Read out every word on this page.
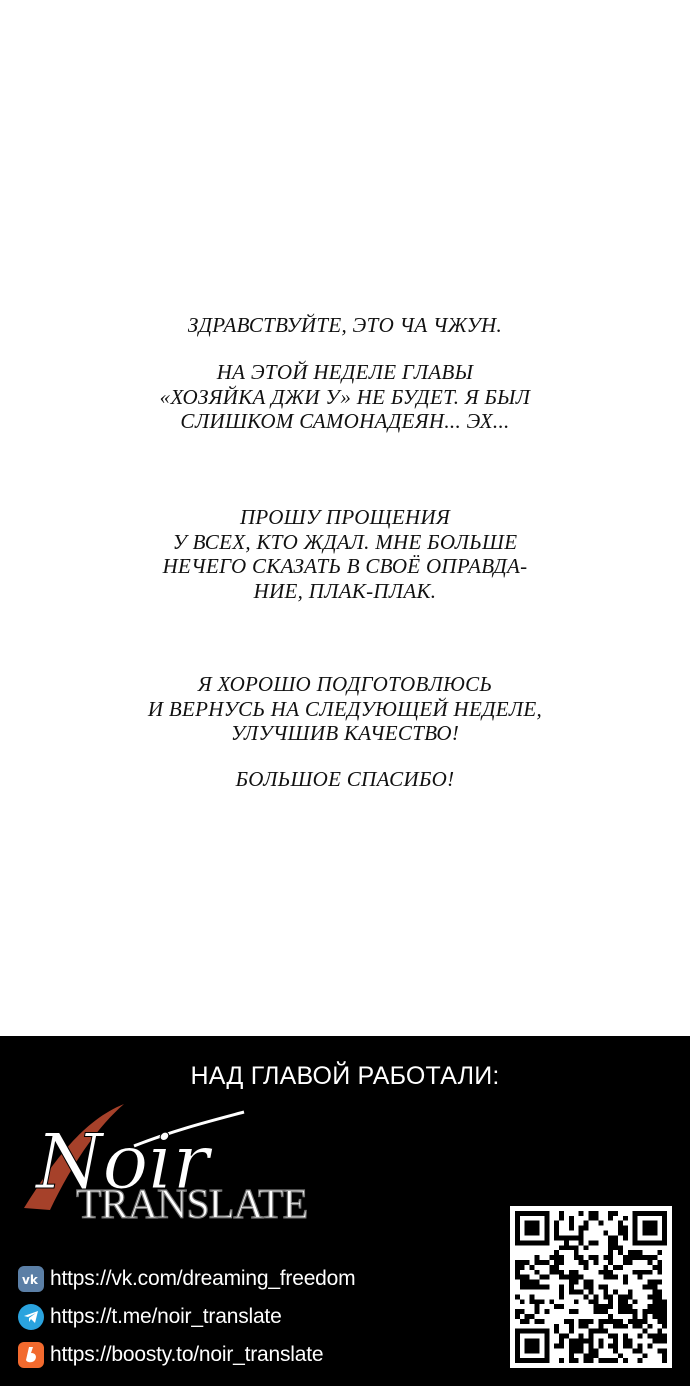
ЗДРАВСТВУЙТЕ, ЭТО ЧА ЧЖУН.
НА ЭТОЙ НЕДЕЛЕ ГЛАВЫ
«ХОЗЯЙКА ДЖИ У» НЕ БУДЕТ. Я БЫЛ
СЛИШКОМ САМОНАДЕЯН... ЭХ...
ПРОШУ ПРОЩЕНИЯ
У ВСЕХ, КТО ЖДАЛ. МНЕ БОЛЬШЕ
НЕЧЕГО СКАЗАТЬ В СВОЁ ОПРАВДА-
НИЕ, ПЛАК-ПЛАК.
Я ХОРОШО ПОДГОТОВЛЮСЬ
И ВЕРНУСЬ НА СЛЕДУЮЩЕЙ НЕДЕЛЕ,
УЛУЧШИВ КАЧЕСТВО!
БОЛЬШОЕ СПАСИБО!
НАД ГЛАВОЙ РАБОТАЛИ:
Noir
TRANSLATE
vk https://vk.com/dreaming_freedom
https://t.me/noir_translate
https://boosty.to/noir_translate
